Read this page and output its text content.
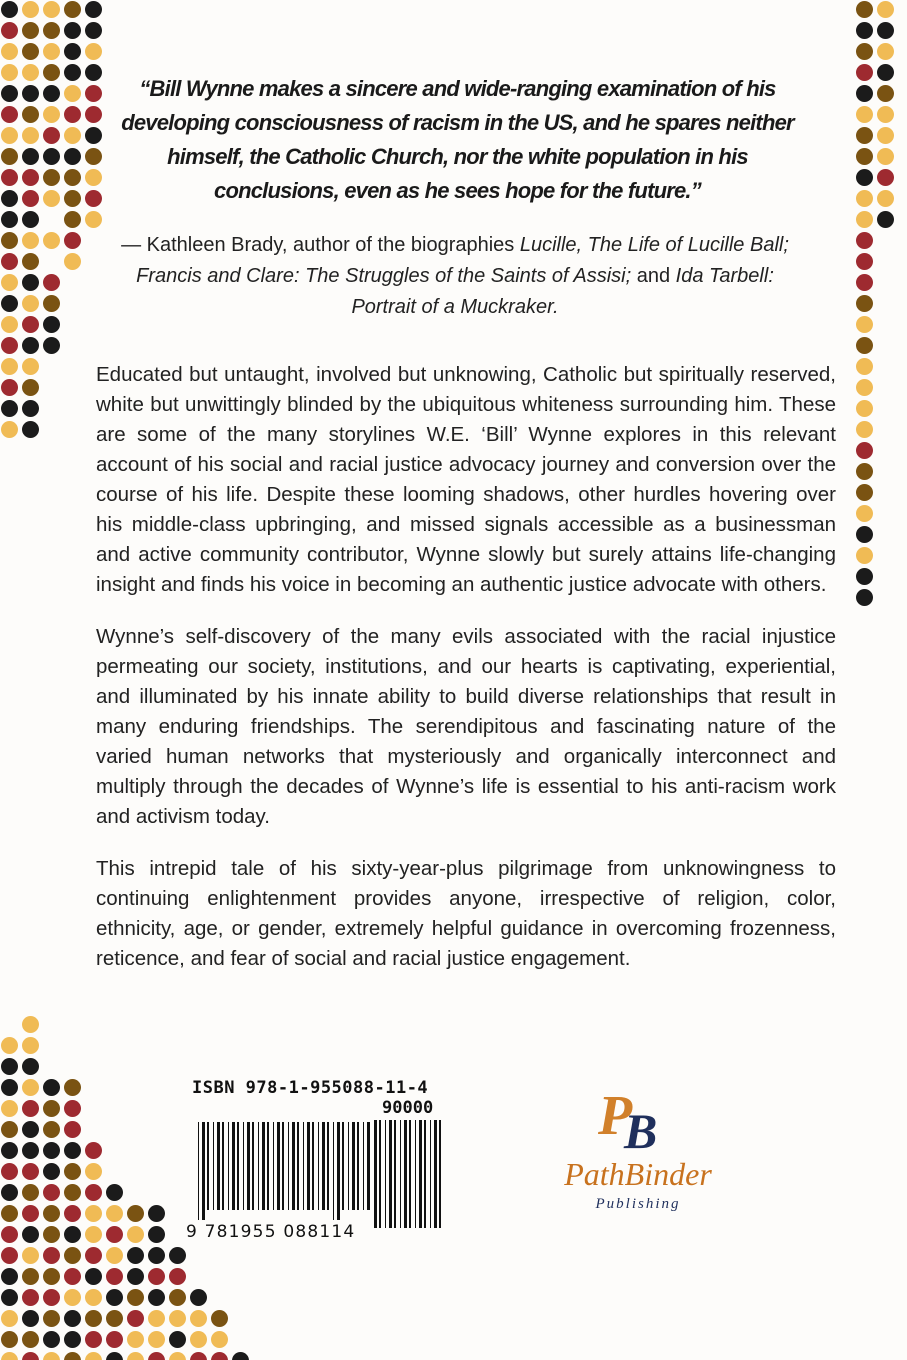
“Bill Wynne makes a sincere and wide-ranging examination of his developing consciousness of racism in the US, and he spares neither himself, the Catholic Church, nor the white population in his conclusions, even as he sees hope for the future.”
— Kathleen Brady, author of the biographies Lucille, The Life of Lucille Ball; Francis and Clare: The Struggles of the Saints of Assisi; and Ida Tarbell: Portrait of a Muckraker.

Educated but untaught, involved but unknowing, Catholic but spiritually reserved, white but unwittingly blinded by the ubiquitous whiteness surrounding him. These are some of the many storylines W.E. ‘Bill’ Wynne explores in this relevant account of his social and racial justice advocacy journey and conversion over the course of his life. Despite these looming shadows, other hurdles hovering over his middle-class upbringing, and missed signals accessible as a businessman and active community contributor, Wynne slowly but surely attains life-changing insight and finds his voice in becoming an authentic justice advocate with others.

Wynne’s self-discovery of the many evils associated with the racial injustice permeating our society, institutions, and our hearts is captivating, experiential, and illuminated by his innate ability to build diverse relationships that result in many enduring friendships. The serendipitous and fascinating nature of the varied human networks that mysteriously and organically interconnect and multiply through the decades of Wynne’s life is essential to his anti-racism work and activism today.

This intrepid tale of his sixty-year-plus pilgrimage from unknowingness to continuing enlightenment provides anyone, irrespective of religion, color, ethnicity, age, or gender, extremely helpful guidance in overcoming frozenness, reticence, and fear of social and racial justice engagement.

ISBN 978-1-955088-11-4
90000
9 781955 088114
P
B
PathBinder
Publishing
